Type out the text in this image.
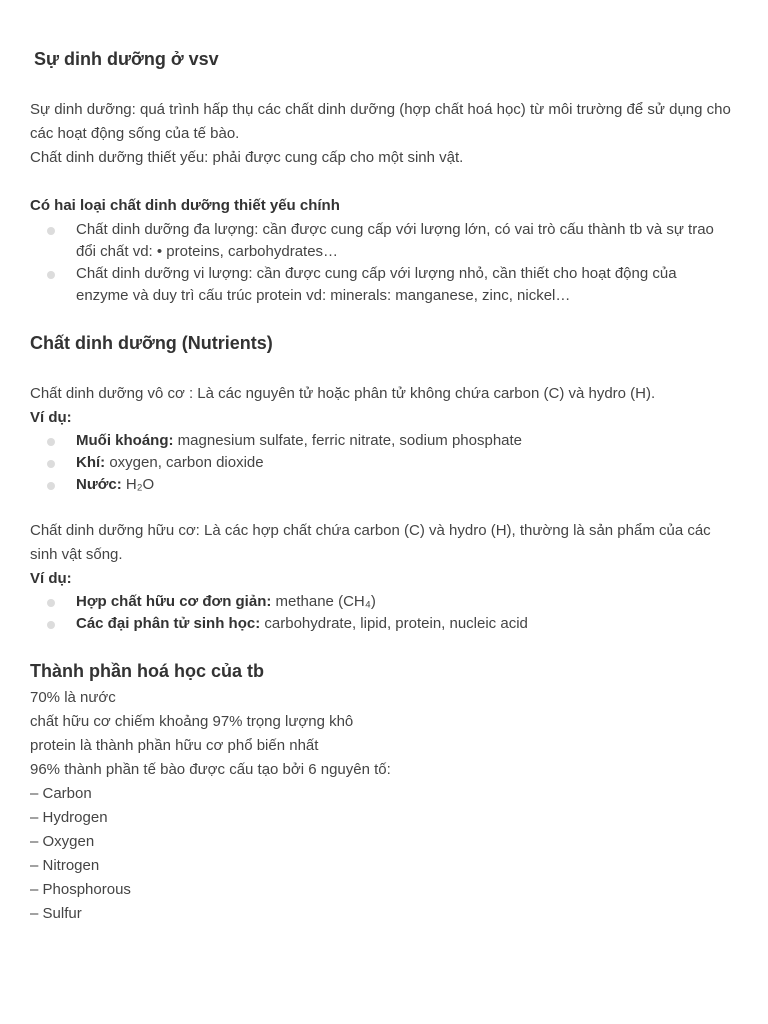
Sự dinh dưỡng ở vsv
Sự dinh dưỡng: quá trình hấp thụ các chất dinh dưỡng (hợp chất hoá học) từ môi trường để sử dụng cho các hoạt động sống của tế bào.
Chất dinh dưỡng thiết yếu: phải được cung cấp cho một sinh vật.
Có hai loại chất dinh dưỡng thiết yếu chính
Chất dinh dưỡng đa lượng: cần được cung cấp với lượng lớn, có vai trò cấu thành tb và sự trao đổi chất vd: • proteins, carbohydrates…
Chất dinh dưỡng vi lượng: cần được cung cấp với lượng nhỏ, cần thiết cho hoạt động của enzyme và duy trì cấu trúc protein vd: minerals: manganese, zinc, nickel…
Chất dinh dưỡng (Nutrients)
Chất dinh dưỡng vô cơ : Là các nguyên tử hoặc phân tử không chứa carbon (C) và hydro (H).
Ví dụ:
Muối khoáng: magnesium sulfate, ferric nitrate, sodium phosphate
Khí: oxygen, carbon dioxide
Nước: H₂O
Chất dinh dưỡng hữu cơ: Là các hợp chất chứa carbon (C) và hydro (H), thường là sản phẩm của các sinh vật sống.
Ví dụ:
Hợp chất hữu cơ đơn giản: methane (CH₄)
Các đại phân tử sinh học: carbohydrate, lipid, protein, nucleic acid
Thành phần hoá học của tb
70% là nước
chất hữu cơ chiếm khoảng 97% trọng lượng khô
protein là thành phần hữu cơ phổ biến nhất
96% thành phần tế bào được cấu tạo bởi 6 nguyên tố:
– Carbon
– Hydrogen
– Oxygen
– Nitrogen
– Phosphorous
– Sulfur
